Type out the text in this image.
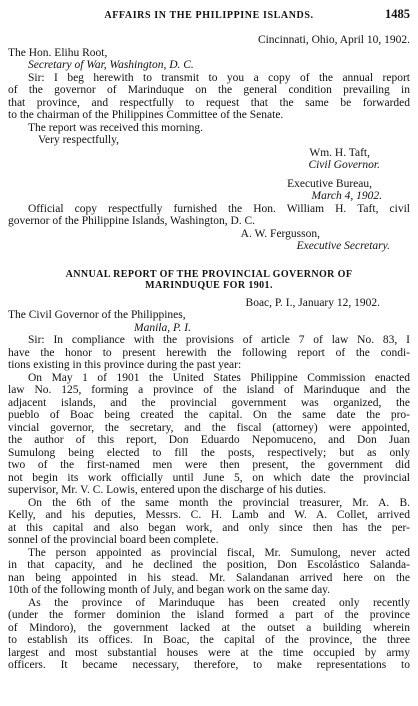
AFFAIRS IN THE PHILIPPINE ISLANDS.	1485
Cincinnati, Ohio, April 10, 1902.
The Hon. Elihu Root,
Secretary of War, Washington, D. C.
Sir: I beg herewith to transmit to you a copy of the annual report
of the governor of Marinduque on the general condition prevailing in
that province, and respectfully to request that the same be forwarded
to the chairman of the Philippines Committee of the Senate.
The report was received this morning.
Very respectfully,
Wm. H. Taft,
Civil Governor.
Executive Bureau,
March 4, 1902.
Official copy respectfully furnished the Hon. William H. Taft, civil
governor of the Philippine Islands, Washington, D. C.
A. W. Fergusson,
Executive Secretary.
ANNUAL REPORT OF THE PROVINCIAL GOVERNOR OF
MARINDUQUE FOR 1901.
Boac, P. I., January 12, 1902.
The Civil Governor of the Philippines,
Manila, P. I.
Sir: In compliance with the provisions of article 7 of law No. 83, I
have the honor to present herewith the following report of the condi-
tions existing in this province during the past year:
On May 1 of 1901 the United States Philippine Commission enacted
law No. 125, forming a province of the island of Marinduque and the
adjacent islands, and the provincial government was organized, the
pueblo of Boac being created the capital. On the same date the pro-
vincial governor, the secretary, and the fiscal (attorney) were appointed,
the author of this report, Don Eduardo Nepomuceno, and Don Juan
Sumulong being elected to fill the posts, respectively; but as only
two of the first-named men were then present, the government did
not begin its work officially until June 5, on which date the provincial
supervisor, Mr. V. C. Lowis, entered upon the discharge of his duties.
On the 6th of the same month the provincial treasurer, Mr. A. B.
Kelly, and his deputies, Messrs. C. H. Lamb and W. A. Collet, arrived
at this capital and also began work, and only since then has the per-
sonnel of the provincial board been complete.
The person appointed as provincial fiscal, Mr. Sumulong, never acted
in that capacity, and he declined the position, Don Escolástico Salanda-
nan being appointed in his stead. Mr. Salandanan arrived here on the
10th of the following month of July, and began work on the same day.
As the province of Marinduque has been created only recently
(under the former dominion the island formed a part of the province
of Mindoro), the government lacked at the outset a building wherein
to establish its offices. In Boac, the capital of the province, the three
largest and most substantial houses were at the time occupied by army
officers. It became necessary, therefore, to make representations to
